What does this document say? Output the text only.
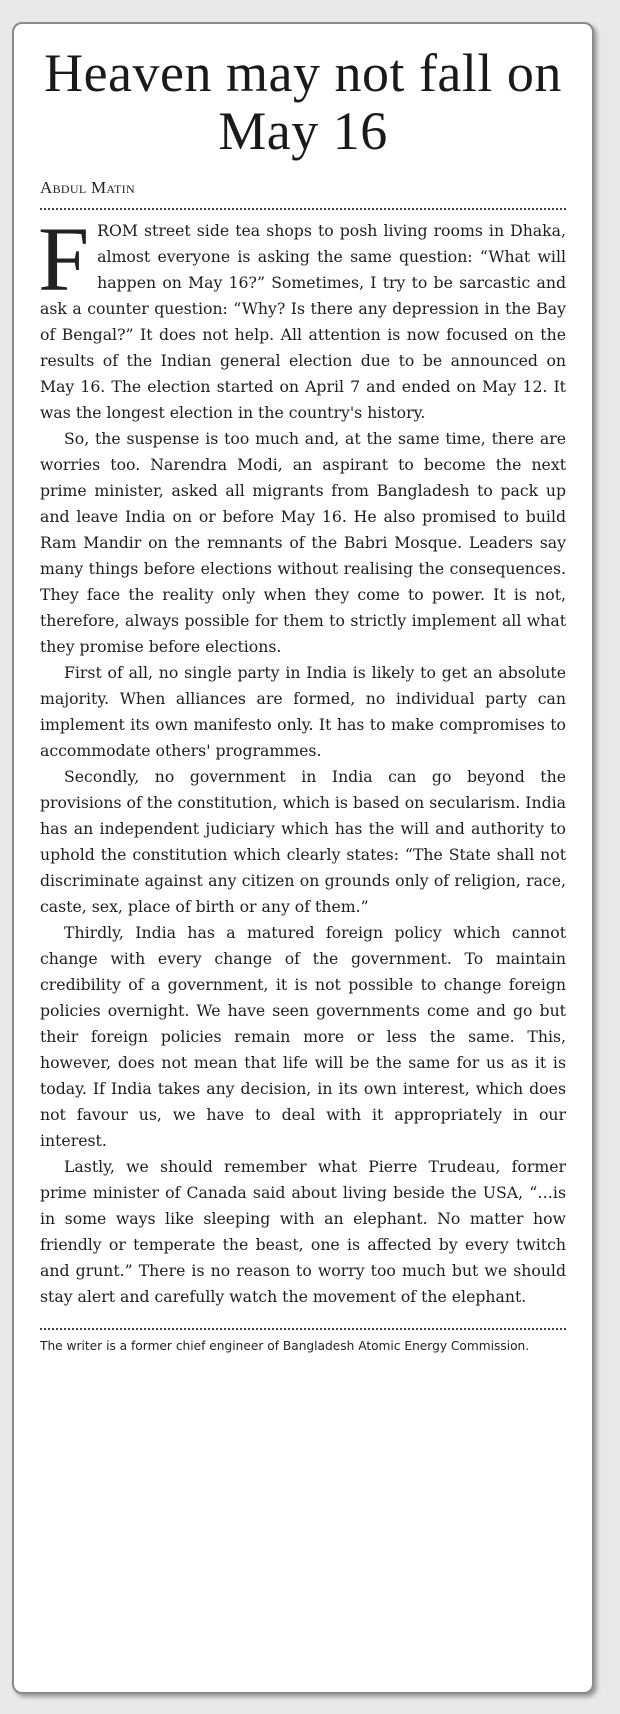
Heaven may not fall on May 16
Abdul Matin

FROM street side tea shops to posh living rooms in Dhaka, almost everyone is asking the same question: “What will happen on May 16?” Sometimes, I try to be sarcastic and ask a counter question: “Why? Is there any depression in the Bay of Bengal?” It does not help. All attention is now focused on the results of the Indian general election due to be announced on May 16. The election started on April 7 and ended on May 12. It was the longest election in the country's history.

So, the suspense is too much and, at the same time, there are worries too. Narendra Modi, an aspirant to become the next prime minister, asked all migrants from Bangladesh to pack up and leave India on or before May 16. He also promised to build Ram Mandir on the remnants of the Babri Mosque. Leaders say many things before elections without realising the consequences. They face the reality only when they come to power. It is not, therefore, always possible for them to strictly implement all what they promise before elections.

First of all, no single party in India is likely to get an absolute majority. When alliances are formed, no individual party can implement its own manifesto only. It has to make compromises to accommodate others' programmes.

Secondly, no government in India can go beyond the provisions of the constitution, which is based on secularism. India has an independent judiciary which has the will and authority to uphold the constitution which clearly states: “The State shall not discriminate against any citizen on grounds only of religion, race, caste, sex, place of birth or any of them.”

Thirdly, India has a matured foreign policy which cannot change with every change of the government. To maintain credibility of a government, it is not possible to change foreign policies overnight. We have seen governments come and go but their foreign policies remain more or less the same. This, however, does not mean that life will be the same for us as it is today. If India takes any decision, in its own interest, which does not favour us, we have to deal with it appropriately in our interest.

Lastly, we should remember what Pierre Trudeau, former prime minister of Canada said about living beside the USA, “…is in some ways like sleeping with an elephant. No matter how friendly or temperate the beast, one is affected by every twitch and grunt.” There is no reason to worry too much but we should stay alert and carefully watch the movement of the elephant.

The writer is a former chief engineer of Bangladesh Atomic Energy Commission.
